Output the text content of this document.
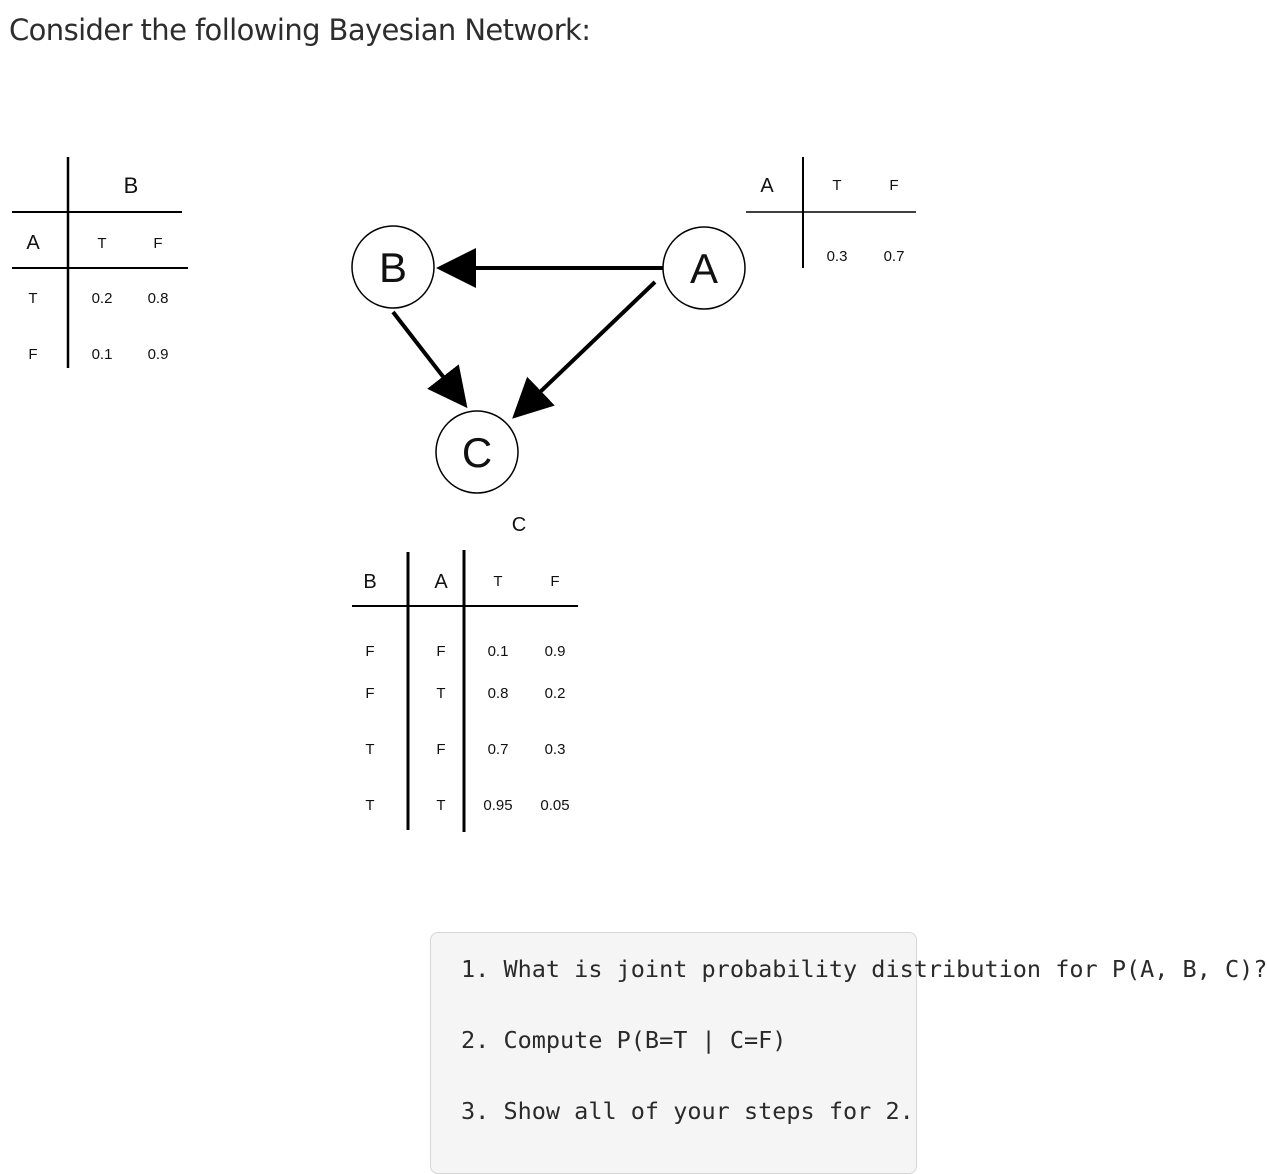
Consider the following Bayesian Network:
B
A	T	F
T	0.2 0.8
F	0.1 0.9
A	T	F
0.3 0.7
B	A
C
C
B	A	T	F
F	F	0.1 0.9
F	T	0.8 0.2
T	F	0.7 0.3
T	T	0.95 0.05

1. What is joint probability distribution for P(A, B, C)?

2. Compute P(B=T | C=F)

3. Show all of your steps for 2.
